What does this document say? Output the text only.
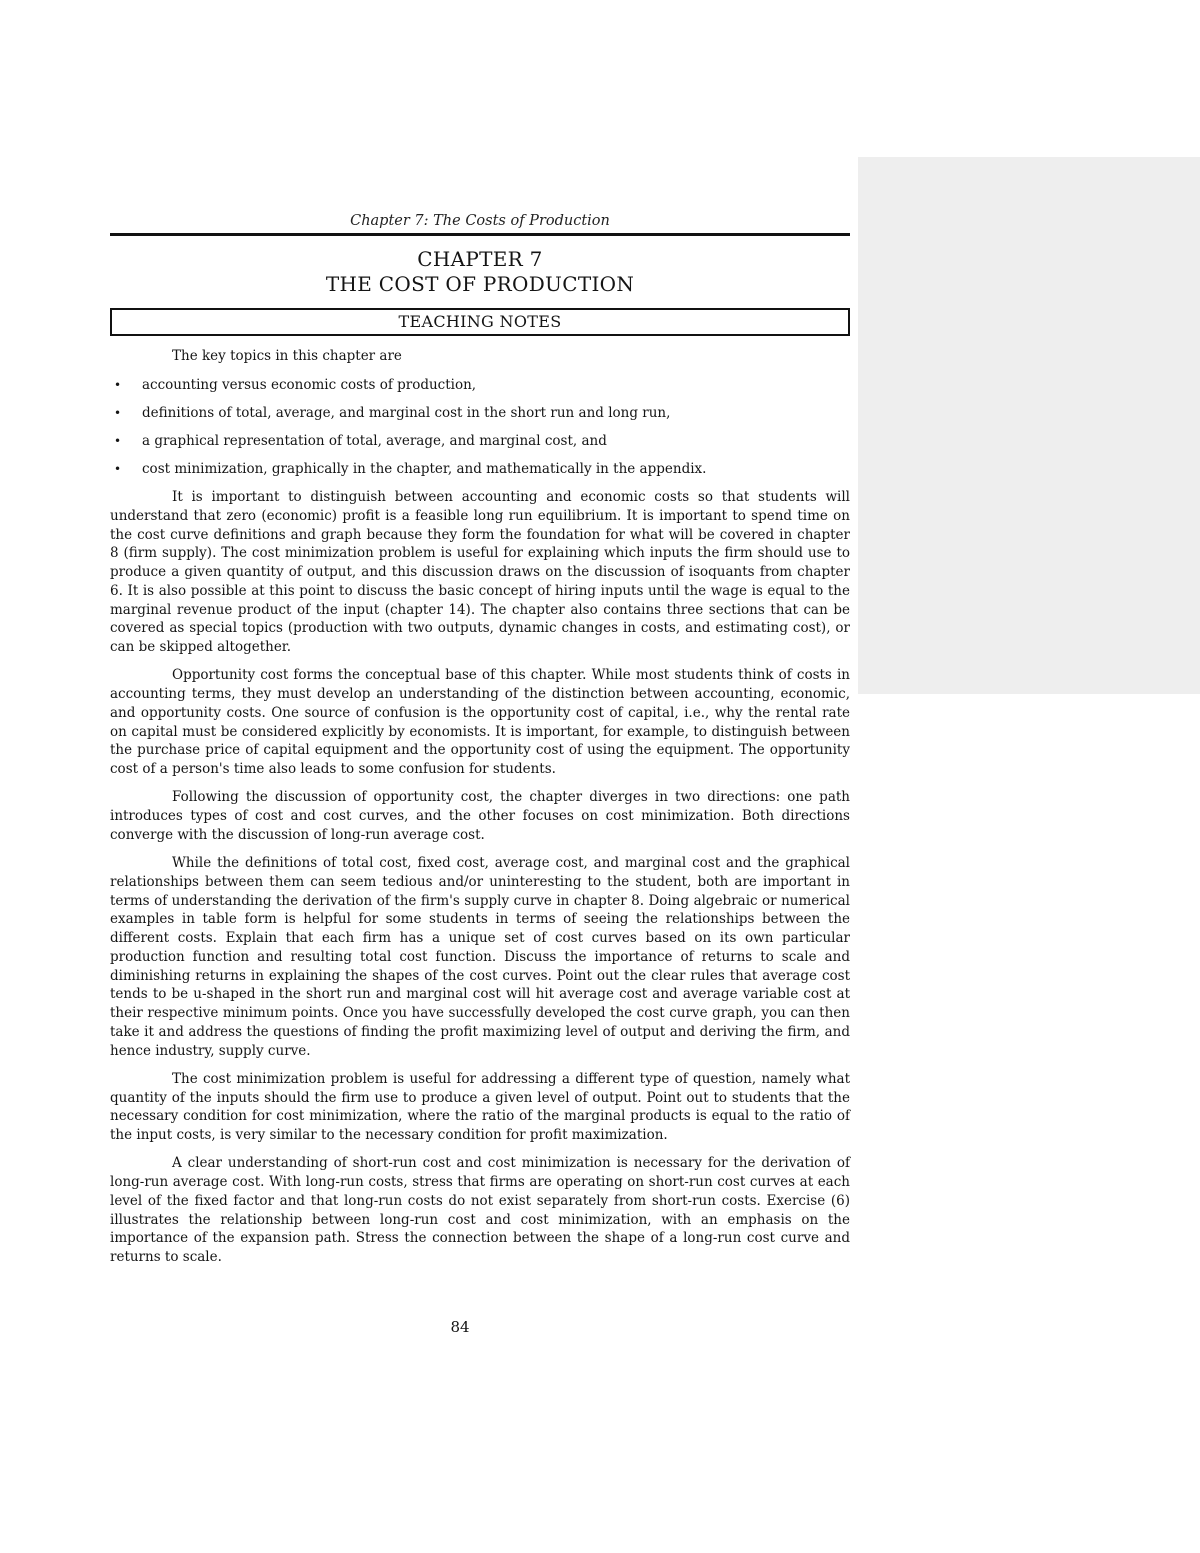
Chapter 7: The Costs of Production
CHAPTER 7
THE COST OF PRODUCTION
TEACHING NOTES
The key topics in this chapter are
• accounting versus economic costs of production,
• definitions of total, average, and marginal cost in the short run and long run,
• a graphical representation of total, average, and marginal cost, and
• cost minimization, graphically in the chapter, and mathematically in the appendix.

It is important to distinguish between accounting and economic costs so that students will understand that zero (economic) profit is a feasible long run equilibrium. It is important to spend time on the cost curve definitions and graph because they form the foundation for what will be covered in chapter 8 (firm supply). The cost minimization problem is useful for explaining which inputs the firm should use to produce a given quantity of output, and this discussion draws on the discussion of isoquants from chapter 6. It is also possible at this point to discuss the basic concept of hiring inputs until the wage is equal to the marginal revenue product of the input (chapter 14). The chapter also contains three sections that can be covered as special topics (production with two outputs, dynamic changes in costs, and estimating cost), or can be skipped altogether.

Opportunity cost forms the conceptual base of this chapter. While most students think of costs in accounting terms, they must develop an understanding of the distinction between accounting, economic, and opportunity costs. One source of confusion is the opportunity cost of capital, i.e., why the rental rate on capital must be considered explicitly by economists. It is important, for example, to distinguish between the purchase price of capital equipment and the opportunity cost of using the equipment. The opportunity cost of a person's time also leads to some confusion for students.

Following the discussion of opportunity cost, the chapter diverges in two directions: one path introduces types of cost and cost curves, and the other focuses on cost minimization. Both directions converge with the discussion of long-run average cost.

While the definitions of total cost, fixed cost, average cost, and marginal cost and the graphical relationships between them can seem tedious and/or uninteresting to the student, both are important in terms of understanding the derivation of the firm's supply curve in chapter 8. Doing algebraic or numerical examples in table form is helpful for some students in terms of seeing the relationships between the different costs. Explain that each firm has a unique set of cost curves based on its own particular production function and resulting total cost function. Discuss the importance of returns to scale and diminishing returns in explaining the shapes of the cost curves. Point out the clear rules that average cost tends to be u-shaped in the short run and marginal cost will hit average cost and average variable cost at their respective minimum points. Once you have successfully developed the cost curve graph, you can then take it and address the questions of finding the profit maximizing level of output and deriving the firm, and hence industry, supply curve.

The cost minimization problem is useful for addressing a different type of question, namely what quantity of the inputs should the firm use to produce a given level of output. Point out to students that the necessary condition for cost minimization, where the ratio of the marginal products is equal to the ratio of the input costs, is very similar to the necessary condition for profit maximization.

A clear understanding of short-run cost and cost minimization is necessary for the derivation of long-run average cost. With long-run costs, stress that firms are operating on short-run cost curves at each level of the fixed factor and that long-run costs do not exist separately from short-run costs. Exercise (6) illustrates the relationship between long-run cost and cost minimization, with an emphasis on the importance of the expansion path. Stress the connection between the shape of a long-run cost curve and returns to scale.

84
